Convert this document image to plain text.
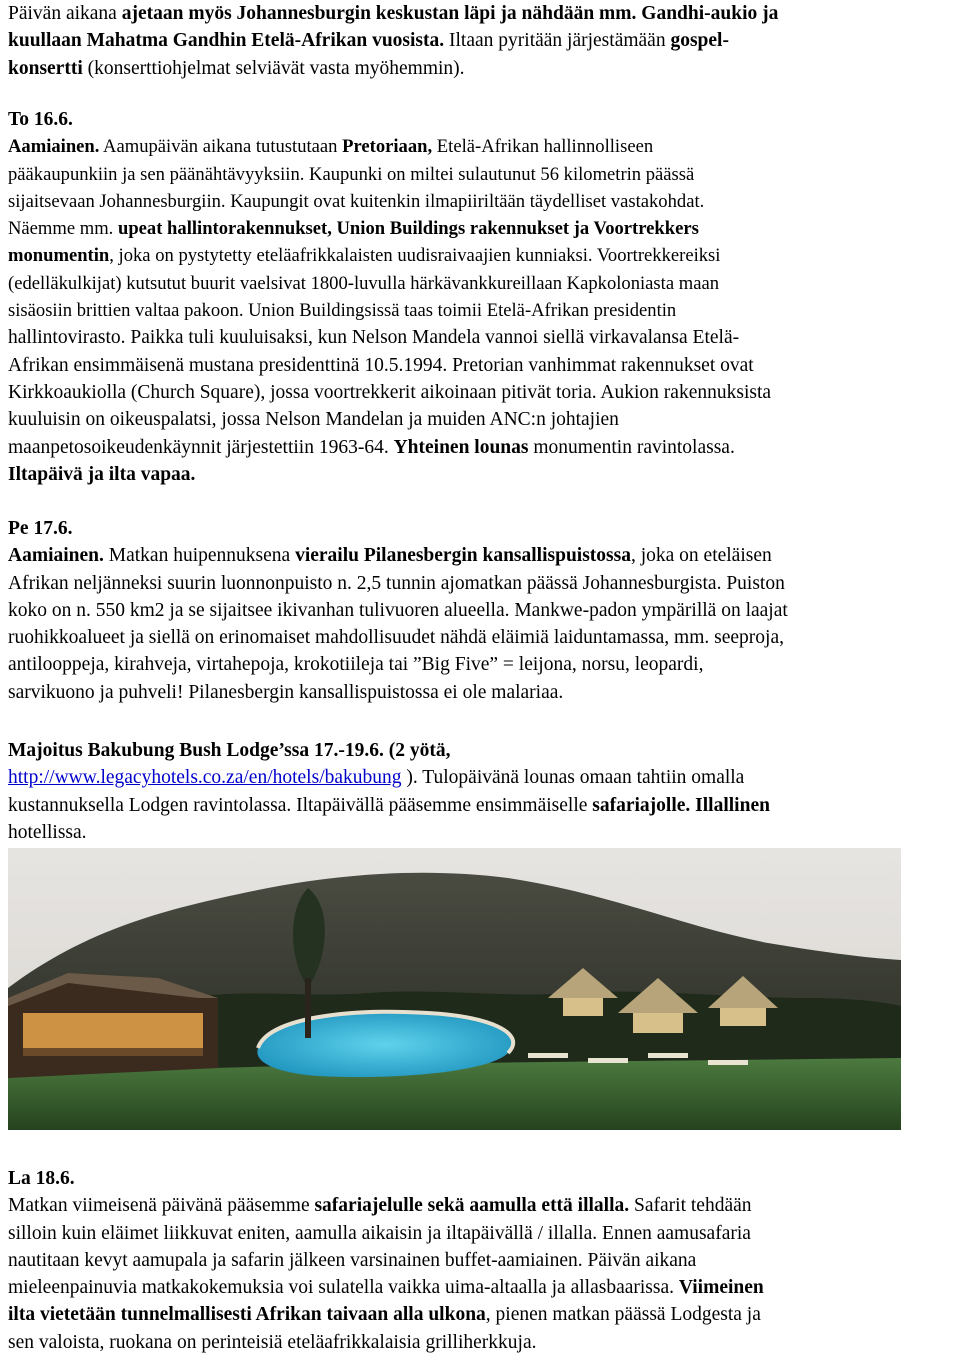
Päivän aikana ajetaan myös Johannesburgin keskustan läpi ja nähdään mm. Gandhi-aukio ja

kuullaan Mahatma Gandhin Etelä-Afrikan vuosista. Iltaan pyritään järjestämään gospel-

konsertti (konserttiohjelmat selviävät vasta myöhemmin).

To 16.6.

Aamiainen. Aamupäivän aikana tutustutaan Pretoriaan, Etelä-Afrikan hallinnolliseen

pääkaupunkiin ja sen päänähtävyyksiin. Kaupunki on miltei sulautunut 56 kilometrin päässä

sijaitsevaan Johannesburgiin. Kaupungit ovat kuitenkin ilmapiiriltään täydelliset vastakohdat.

Näemme mm. upeat hallintorakennukset, Union Buildings rakennukset ja Voortrekkers

monumentin, joka on pystytetty eteläafrikkalaisten uudisraivaajien kunniaksi. Voortrekkereiksi

(edelläkulkijat) kutsutut buurit vaelsivat 1800-luvulla härkävankkureillaan Kapkoloniasta maan

sisäosiin brittien valtaa pakoon. Union Buildingsissä taas toimii Etelä-Afrikan presidentin

hallintovirasto. Paikka tuli kuuluisaksi, kun Nelson Mandela vannoi siellä virkavalansa Etelä-

Afrikan ensimmäisenä mustana presidenttinä 10.5.1994. Pretorian vanhimmat rakennukset ovat

Kirkkoaukiolla (Church Square), jossa voortrekkerit aikoinaan pitivät toria. Aukion rakennuksista

kuuluisin on oikeuspalatsi, jossa Nelson Mandelan ja muiden ANC:n johtajien

maanpetosoikeudenkäynnit järjestettiin 1963-64. Yhteinen lounas monumentin ravintolassa.

Iltapäivä ja ilta vapaa.

Pe 17.6.

Aamiainen. Matkan huipennuksena vierailu Pilanesbergin kansallispuistossa, joka on eteläisen

Afrikan neljänneksi suurin luonnonpuisto n. 2,5 tunnin ajomatkan päässä Johannesburgista. Puiston

koko on n. 550 km2 ja se sijaitsee ikivanhan tulivuoren alueella. Mankwe-padon ympärillä on laajat

ruohikkoalueet ja siellä on erinomaiset mahdollisuudet nähdä eläimiä laiduntamassa, mm. seeproja,

antilooppeja, kirahveja, virtahepoja, krokotiileja tai ”Big Five” = leijona, norsu, leopardi,

sarvikuono ja puhveli! Pilanesbergin kansallispuistossa ei ole malariaa.

Majoitus Bakubung Bush Lodge’ssa 17.-19.6. (2 yötä,

http://www.legacyhotels.co.za/en/hotels/bakubung ). Tulopäivänä lounas omaan tahtiin omalla

kustannuksella Lodgen ravintolassa. Iltapäivällä pääsemme ensimmäiselle safariajolle. Illallinen

hotellissa.

La 18.6.

Matkan viimeisenä päivänä pääsemme safariajelulle sekä aamulla että illalla. Safarit tehdään

silloin kuin eläimet liikkuvat eniten, aamulla aikaisin ja iltapäivällä / illalla. Ennen aamusafaria

nautitaan kevyt aamupala ja safarin jälkeen varsinainen buffet-aamiainen. Päivän aikana

mieleenpainuvia matkakokemuksia voi sulatella vaikka uima-altaalla ja allasbaarissa. Viimeinen

ilta vietetään tunnelmallisesti Afrikan taivaan alla ulkona, pienen matkan päässä Lodgesta ja

sen valoista, ruokana on perinteisiä eteläafrikkalaisia grilliherkkuja.
